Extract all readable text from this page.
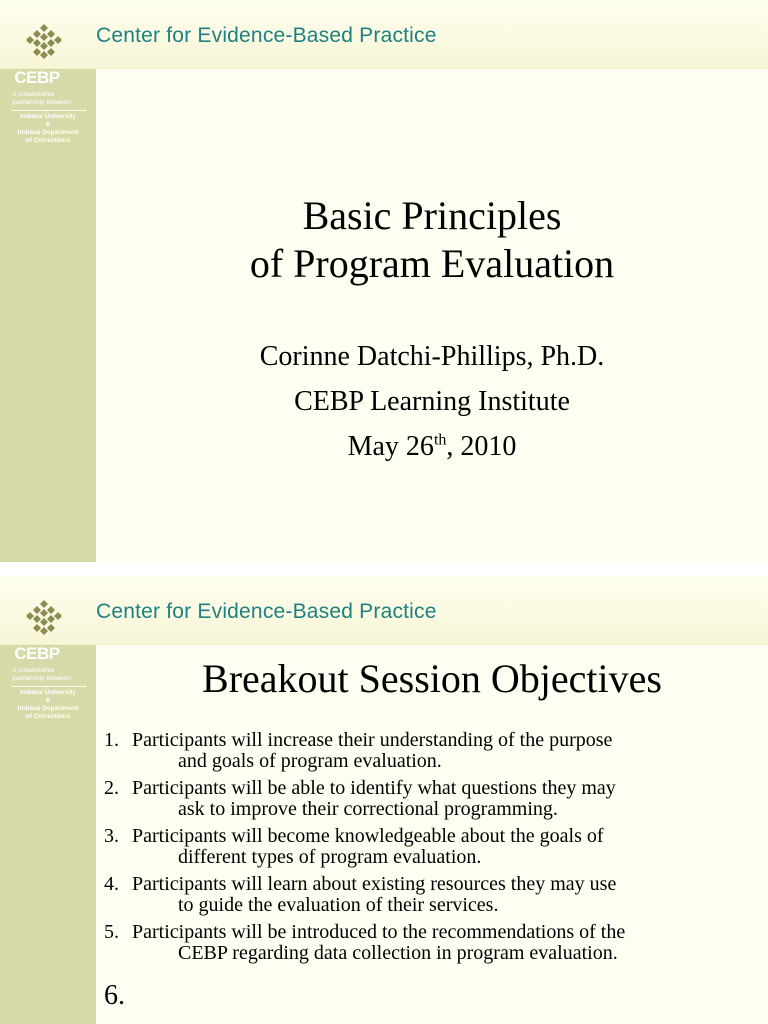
Center for Evidence-Based Practice
CEBP
A collaborative
partnership between:
Indiana University
&
Indiana Department
of Corrections
Basic Principles
of Program Evaluation
Corinne Datchi-Phillips, Ph.D.
CEBP Learning Institute
May 26th, 2010
Center for Evidence-Based Practice
CEBP
A collaborative
partnership between:
Indiana University
&
Indiana Department
of Corrections
Breakout Session Objectives
1. Participants will increase their understanding of the purpose
and goals of program evaluation.
2. Participants will be able to identify what questions they may
ask to improve their correctional programming.
3. Participants will become knowledgeable about the goals of
different types of program evaluation.
4. Participants will learn about existing resources they may use
to guide the evaluation of their services.
5. Participants will be introduced to the recommendations of the
CEBP regarding data collection in program evaluation.
6.
